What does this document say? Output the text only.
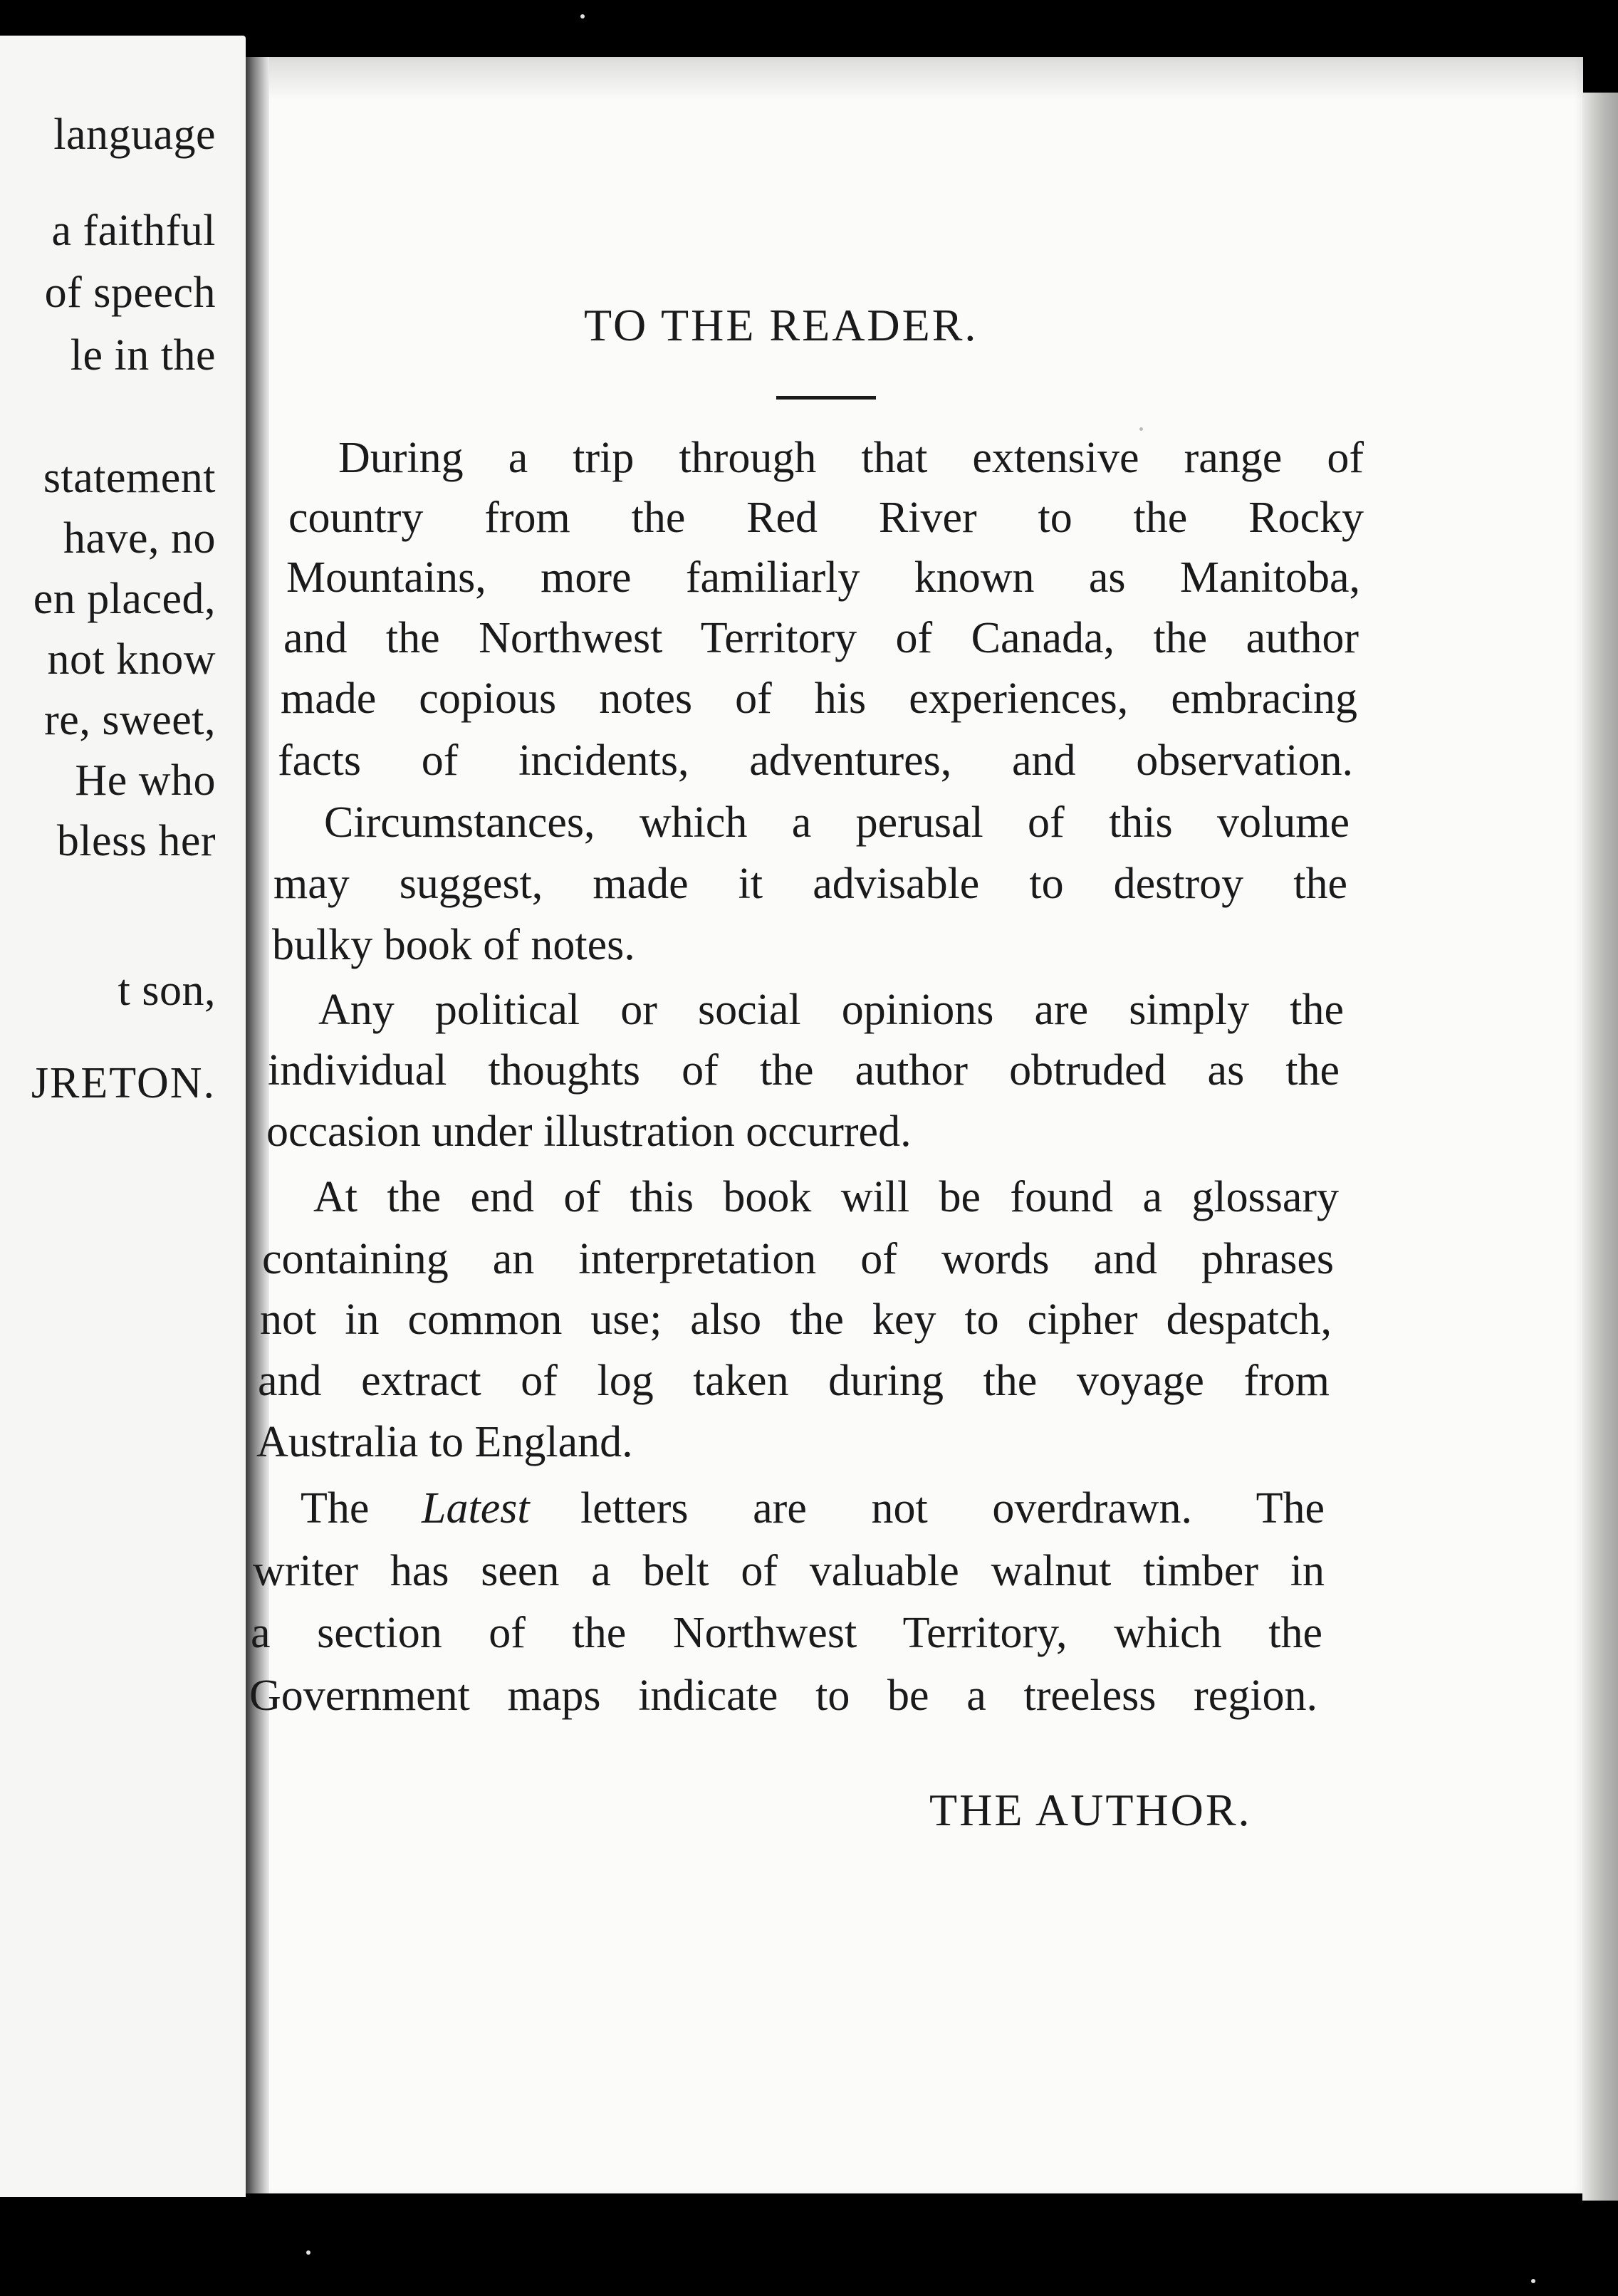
language
a faithful
of speech
le in the
statement
have, no
en placed,
not know
re, sweet,
He who
bless her
t son,
JRETON.
TO THE READER.
During a trip through that extensive range of
country from the Red River to the Rocky
Mountains, more familiarly known as Manitoba,
and the Northwest Territory of Canada, the author
made copious notes of his experiences, embracing
facts of incidents, adventures, and observation.
Circumstances, which a perusal of this volume
may suggest, made it advisable to destroy the
bulky book of notes.
Any political or social opinions are simply the
individual thoughts of the author obtruded as the
occasion under illustration occurred.
At the end of this book will be found a glossary
containing an interpretation of words and phrases
not in common use; also the key to cipher despatch,
and extract of log taken during the voyage from
Australia to England.
The	Latest	letters are not overdrawn. The
writer has seen a belt of valuable walnut timber in
a section of the Northwest Territory, which the
Government maps indicate to be a treeless region.
THE AUTHOR.
